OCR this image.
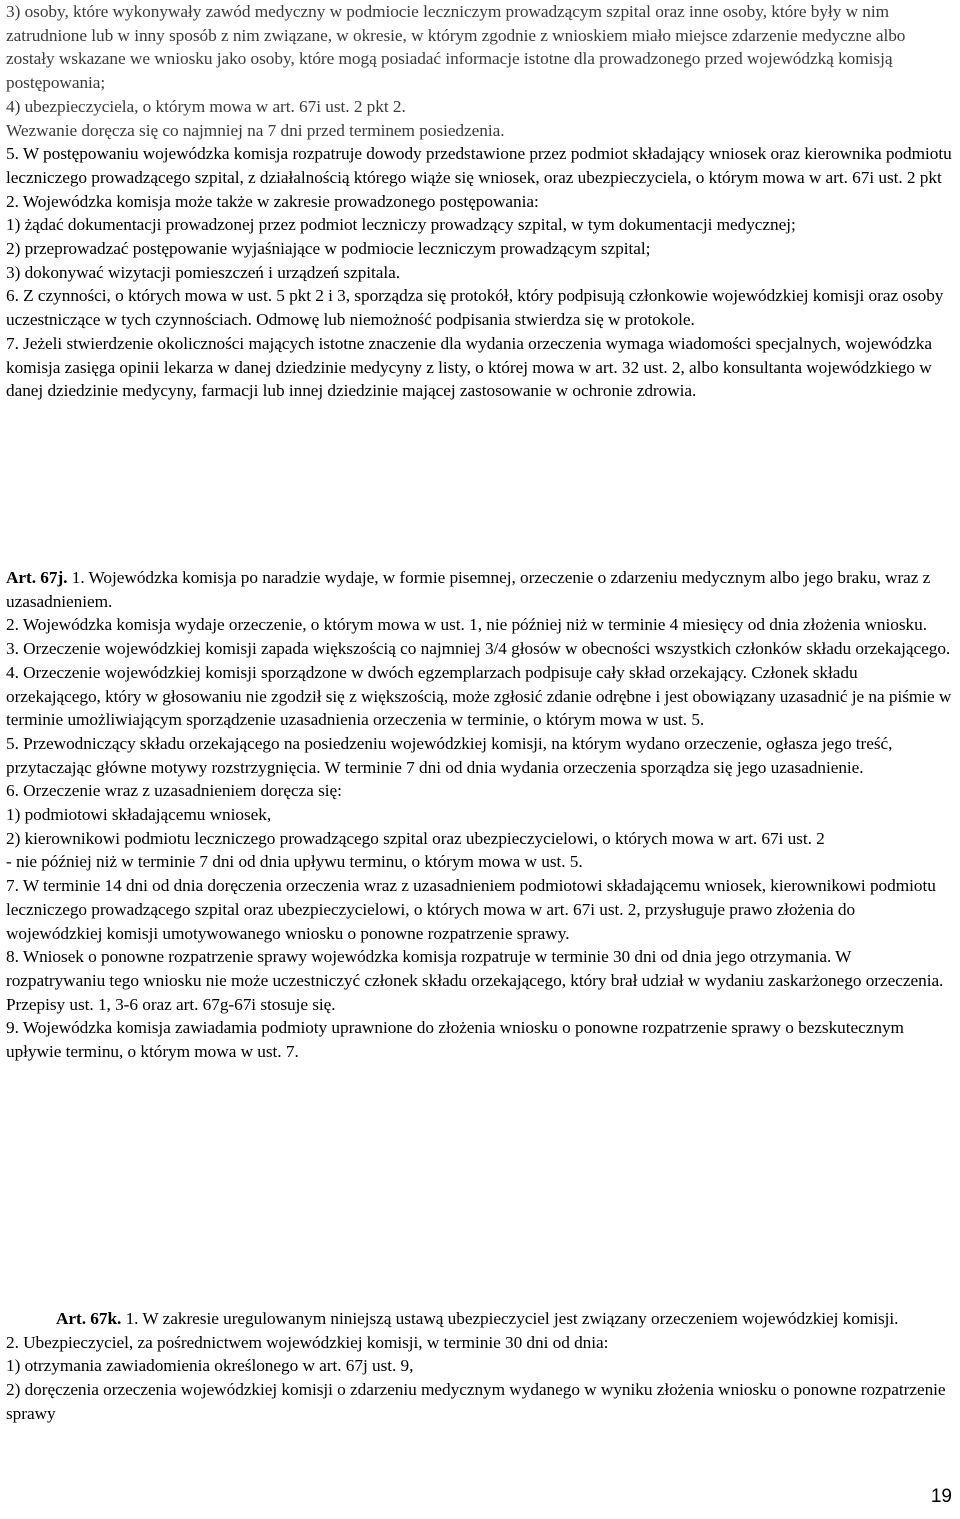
3) osoby, które wykonywały zawód medyczny w podmiocie leczniczym prowadzącym szpital oraz inne osoby, które były w nim zatrudnione lub w inny sposób z nim związane, w okresie, w którym zgodnie z wnioskiem miało miejsce zdarzenie medyczne albo zostały wskazane we wniosku jako osoby, które mogą posiadać informacje istotne dla prowadzonego przed wojewódzką komisją postępowania;

4) ubezpieczyciela, o którym mowa w art. 67i ust. 2 pkt 2.

Wezwanie doręcza się co najmniej na 7 dni przed terminem posiedzenia.

5. W postępowaniu wojewódzka komisja rozpatruje dowody przedstawione przez podmiot składający wniosek oraz kierownika podmiotu leczniczego prowadzącego szpital, z działalnością którego wiąże się wniosek, oraz ubezpieczyciela, o którym mowa w art. 67i ust. 2 pkt 2. Wojewódzka komisja może także w zakresie prowadzonego postępowania:

1) żądać dokumentacji prowadzonej przez podmiot leczniczy prowadzący szpital, w tym dokumentacji medycznej;

2) przeprowadzać postępowanie wyjaśniające w podmiocie leczniczym prowadzącym szpital;

3) dokonywać wizytacji pomieszczeń i urządzeń szpitala.

6. Z czynności, o których mowa w ust. 5 pkt 2 i 3, sporządza się protokół, który podpisują członkowie wojewódzkiej komisji oraz osoby uczestniczące w tych czynnościach. Odmowę lub niemożność podpisania stwierdza się w protokole.

7. Jeżeli stwierdzenie okoliczności mających istotne znaczenie dla wydania orzeczenia wymaga wiadomości specjalnych, wojewódzka komisja zasięga opinii lekarza w danej dziedzinie medycyny z listy, o której mowa w art. 32 ust. 2, albo konsultanta wojewódzkiego w danej dziedzinie medycyny, farmacji lub innej dziedzinie mającej zastosowanie w ochronie zdrowia.

Art. 67j. 1. Wojewódzka komisja po naradzie wydaje, w formie pisemnej, orzeczenie o zdarzeniu medycznym albo jego braku, wraz z uzasadnieniem.

2. Wojewódzka komisja wydaje orzeczenie, o którym mowa w ust. 1, nie później niż w terminie 4 miesięcy od dnia złożenia wniosku.

3. Orzeczenie wojewódzkiej komisji zapada większością co najmniej 3/4 głosów w obecności wszystkich członków składu orzekającego.

4. Orzeczenie wojewódzkiej komisji sporządzone w dwóch egzemplarzach podpisuje cały skład orzekający. Członek składu orzekającego, który w głosowaniu nie zgodził się z większością, może zgłosić zdanie odrębne i jest obowiązany uzasadnić je na piśmie w terminie umożliwiającym sporządzenie uzasadnienia orzeczenia w terminie, o którym mowa w ust. 5.

5. Przewodniczący składu orzekającego na posiedzeniu wojewódzkiej komisji, na którym wydano orzeczenie, ogłasza jego treść, przytaczając główne motywy rozstrzygnięcia. W terminie 7 dni od dnia wydania orzeczenia sporządza się jego uzasadnienie.

6. Orzeczenie wraz z uzasadnieniem doręcza się:

1) podmiotowi składającemu wniosek,

2) kierownikowi podmiotu leczniczego prowadzącego szpital oraz ubezpieczycielowi, o których mowa w art. 67i ust. 2

- nie później niż w terminie 7 dni od dnia upływu terminu, o którym mowa w ust. 5.

7. W terminie 14 dni od dnia doręczenia orzeczenia wraz z uzasadnieniem podmiotowi składającemu wniosek, kierownikowi podmiotu leczniczego prowadzącego szpital oraz ubezpieczycielowi, o których mowa w art. 67i ust. 2, przysługuje prawo złożenia do wojewódzkiej komisji umotywowanego wniosku o ponowne rozpatrzenie sprawy.

8. Wniosek o ponowne rozpatrzenie sprawy wojewódzka komisja rozpatruje w terminie 30 dni od dnia jego otrzymania. W rozpatrywaniu tego wniosku nie może uczestniczyć członek składu orzekającego, który brał udział w wydaniu zaskarżonego orzeczenia. Przepisy ust. 1, 3-6 oraz art. 67g-67i stosuje się.

9. Wojewódzka komisja zawiadamia podmioty uprawnione do złożenia wniosku o ponowne rozpatrzenie sprawy o bezskutecznym upływie terminu, o którym mowa w ust. 7.

Art. 67k. 1. W zakresie uregulowanym niniejszą ustawą ubezpieczyciel jest związany orzeczeniem wojewódzkiej komisji.

2. Ubezpieczyciel, za pośrednictwem wojewódzkiej komisji, w terminie 30 dni od dnia:

1) otrzymania zawiadomienia określonego w art. 67j ust. 9,

2) doręczenia orzeczenia wojewódzkiej komisji o zdarzeniu medycznym wydanego w wyniku złożenia wniosku o ponowne rozpatrzenie sprawy

19
